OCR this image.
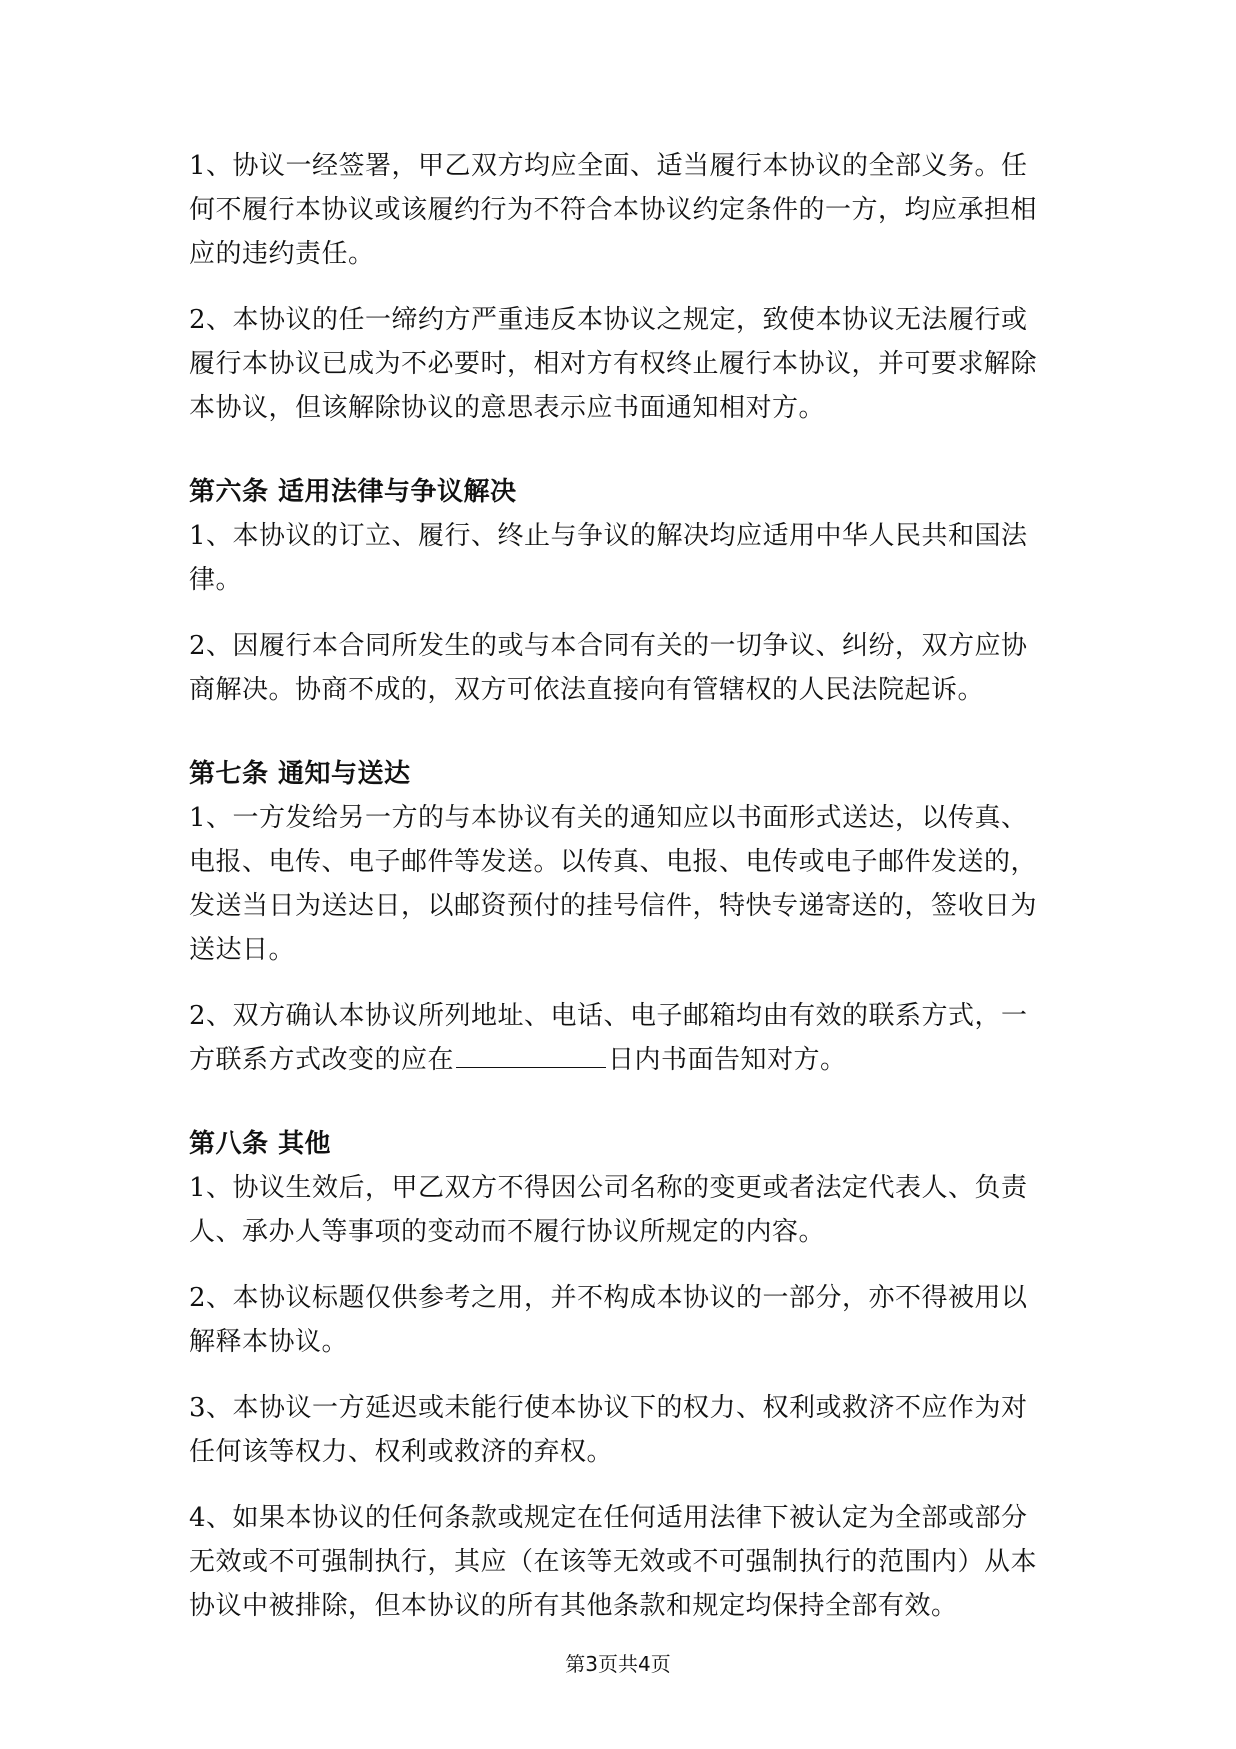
1、协议一经签署，甲乙双方均应全面、适当履行本协议的全部义务。任何不履行本协议或该履约行为不符合本协议约定条件的一方，均应承担相应的违约责任。

2、本协议的任一缔约方严重违反本协议之规定，致使本协议无法履行或履行本协议已成为不必要时，相对方有权终止履行本协议，并可要求解除本协议，但该解除协议的意思表示应书面通知相对方。

第六条 适用法律与争议解决

1、本协议的订立、履行、终止与争议的解决均应适用中华人民共和国法律。

2、因履行本合同所发生的或与本合同有关的一切争议、纠纷，双方应协商解决。协商不成的，双方可依法直接向有管辖权的人民法院起诉。

第七条 通知与送达

1、一方发给另一方的与本协议有关的通知应以书面形式送达，以传真、电报、电传、电子邮件等发送。以传真、电报、电传或电子邮件发送的，发送当日为送达日，以邮资预付的挂号信件，特快专递寄送的，签收日为送达日。

2、双方确认本协议所列地址、电话、电子邮箱均由有效的联系方式，一方联系方式改变的应在	日内书面告知对方。

第八条 其他

1、协议生效后，甲乙双方不得因公司名称的变更或者法定代表人、负责人、承办人等事项的变动而不履行协议所规定的内容。

2、本协议标题仅供参考之用，并不构成本协议的一部分，亦不得被用以解释本协议。

3、本协议一方延迟或未能行使本协议下的权力、权利或救济不应作为对任何该等权力、权利或救济的弃权。

4、如果本协议的任何条款或规定在任何适用法律下被认定为全部或部分无效或不可强制执行，其应（在该等无效或不可强制执行的范围内）从本协议中被排除，但本协议的所有其他条款和规定均保持全部有效。

第3页共4页
